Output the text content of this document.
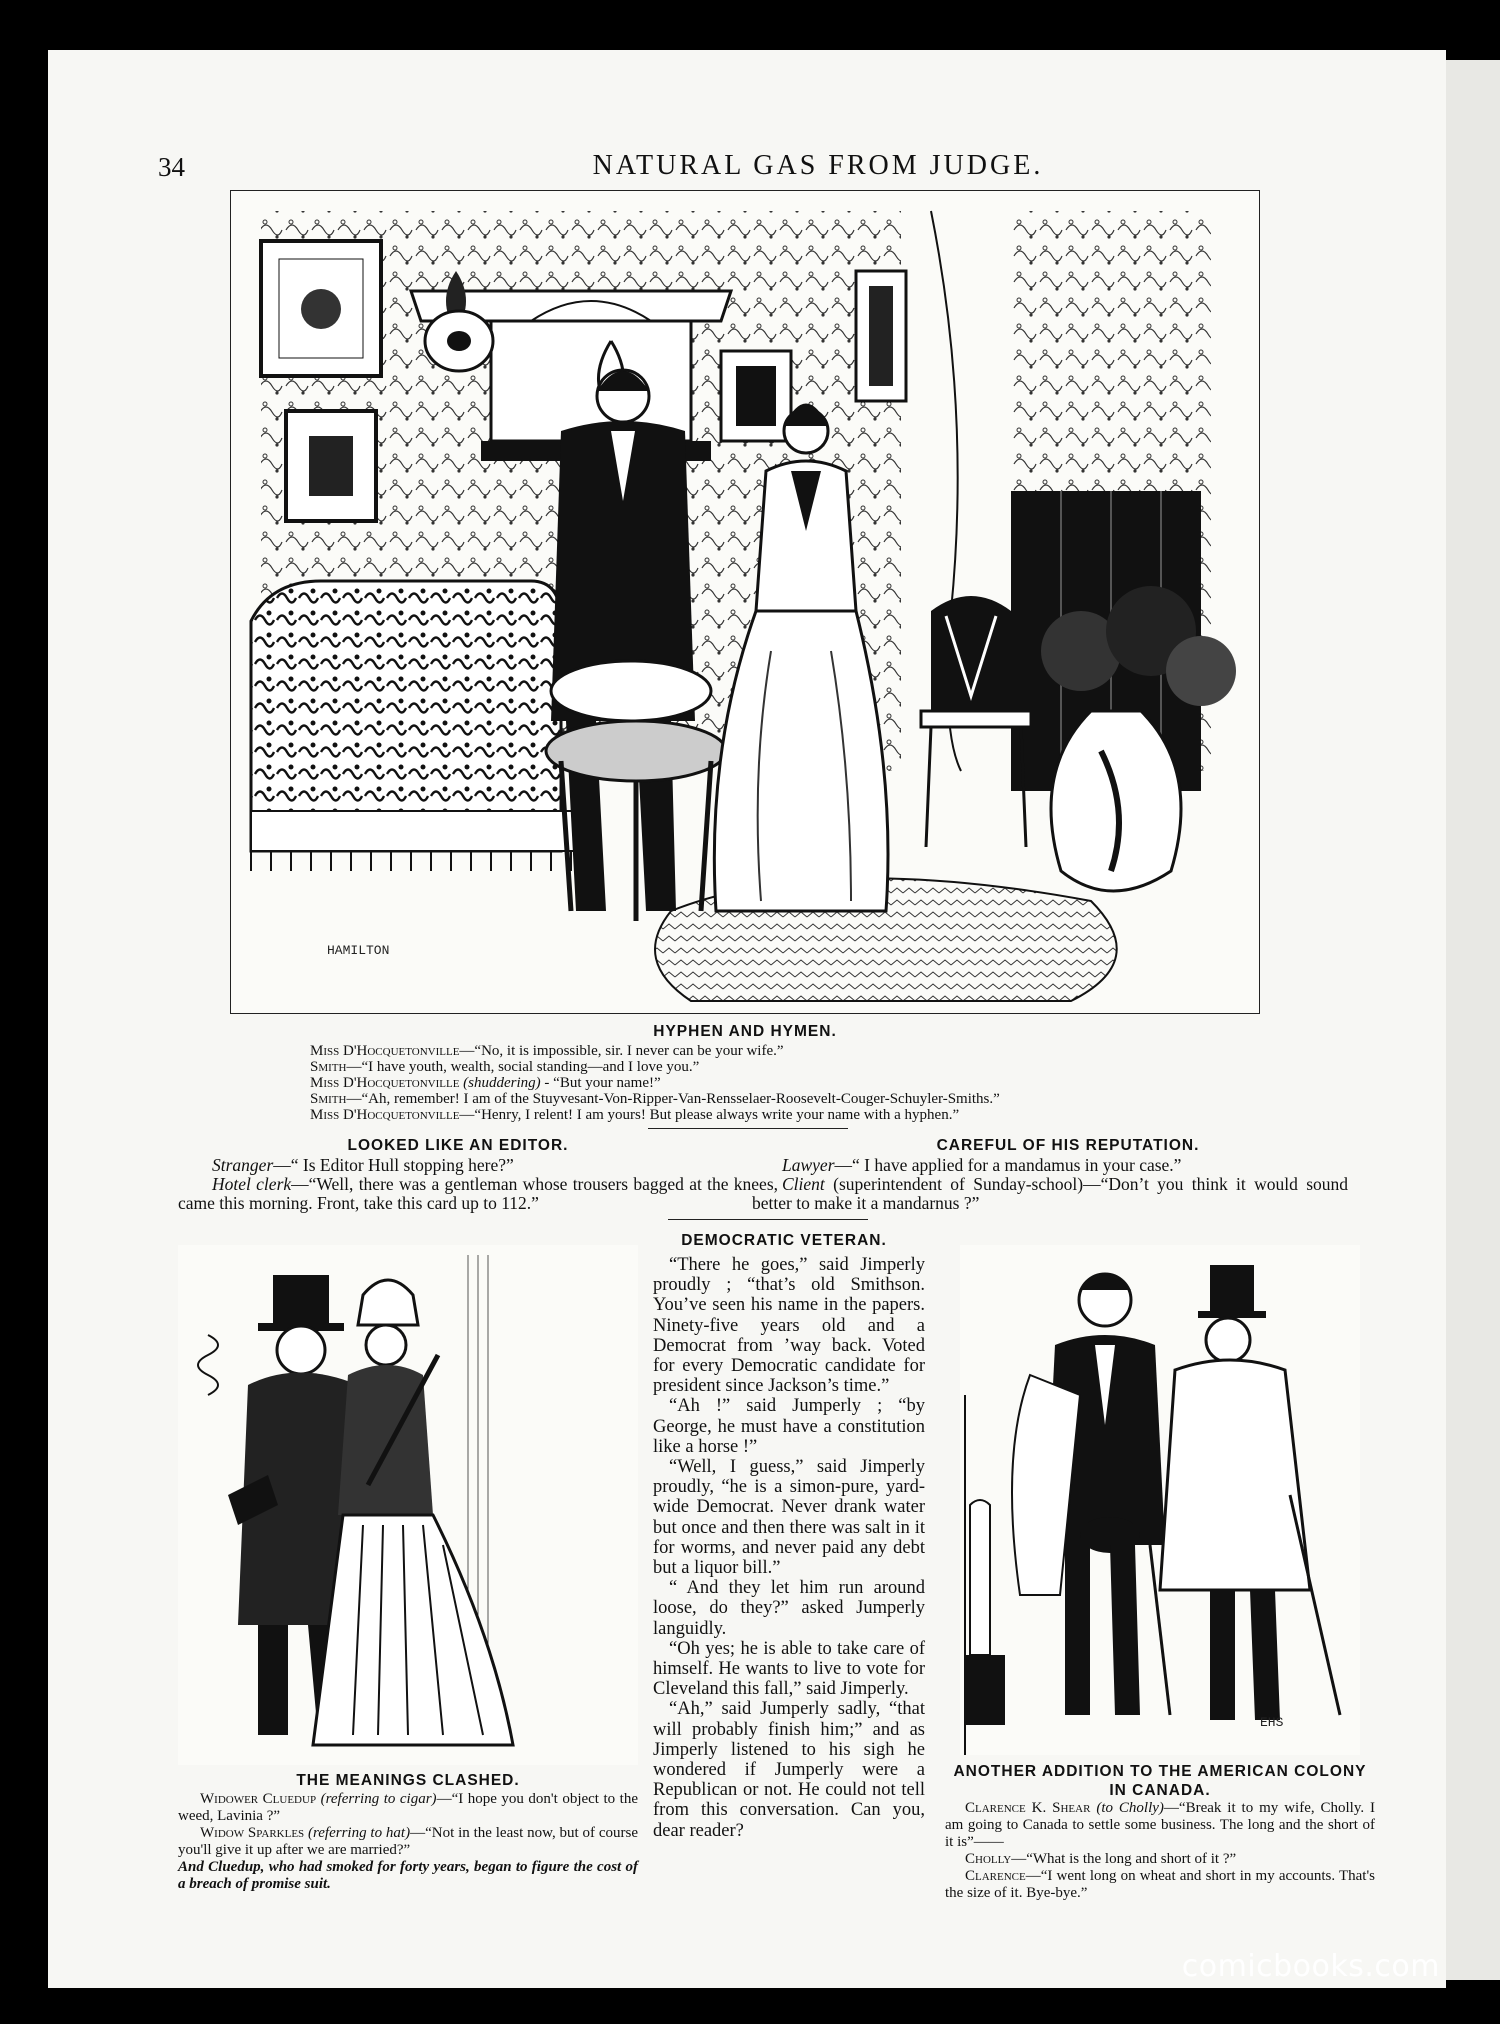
34	NATURAL GAS FROM JUDGE.
HAMILTON
HYPHEN AND HYMEN.
Miss D'Hocquetonville—“No, it is impossible, sir. I never can be your wife.”
Smith—“I have youth, wealth, social standing—and I love you.”
Miss D'Hocquetonville (shuddering) - “But your name!”
Smith—“Ah, remember! I am of the Stuyvesant-Von-Ripper-Van-Rensselaer-Roosevelt-Couger-Schuyler-Smiths.”
Miss D'Hocquetonville—“Henry, I relent! I am yours! But please always write your name with a hyphen.”
LOOKED LIKE AN EDITOR.

Stranger—“ Is Editor Hull stopping here?”

Hotel clerk—“Well, there was a gentleman whose trousers bagged at the knees, came this morning. Front, take this card up to 112.”

CAREFUL OF HIS REPUTATION.

Lawyer—“ I have applied for a mandamus in your case.”

Client (superintendent of Sunday-school)—“Don’t you think it would sound better to make it a mandarnus ?”

THE MEANINGS CLASHED.

Widower Cluedup (referring to cigar)—“I hope you don't object to the weed, Lavinia ?”

Widow Sparkles (referring to hat)—“Not in the least now, but of course you'll give it up after we are married?”

And Cluedup, who had smoked for forty years, began to figure the cost of a breach of promise suit.

DEMOCRATIC VETERAN.

“There he goes,” said Jimperly proudly ; “that’s old Smithson. You’ve seen his name in the papers. Ninety-five years old and a Democrat from ’way back. Voted for every Democratic candidate for president since Jackson’s time.”

“Ah !” said Jumperly ; “by George, he must have a constitution like a horse !”

“Well, I guess,” said Jimperly proudly, “he is a simon-pure, yard-wide Democrat. Never drank water but once and then there was salt in it for worms, and never paid any debt but a liquor bill.”

“ And they let him run around loose, do they?” asked Jumperly languidly.

“Oh yes; he is able to take care of himself. He wants to live to vote for Cleveland this fall,” said Jimperly.

“Ah,” said Jumperly sadly, “that will probably finish him;” and as Jimperly listened to his sigh he wondered if Jumperly were a Republican or not. He could not tell from this conversation. Can you, dear reader?

EHS
ANOTHER ADDITION TO THE AMERICAN COLONY IN CANADA.

Clarence K. Shear (to Cholly)—“Break it to my wife, Cholly. I am going to Canada to settle some business. The long and the short of it is”——

Cholly—“What is the long and short of it ?”

Clarence—“I went long on wheat and short in my accounts. That's the size of it. Bye-bye.”

comicbooks.com
